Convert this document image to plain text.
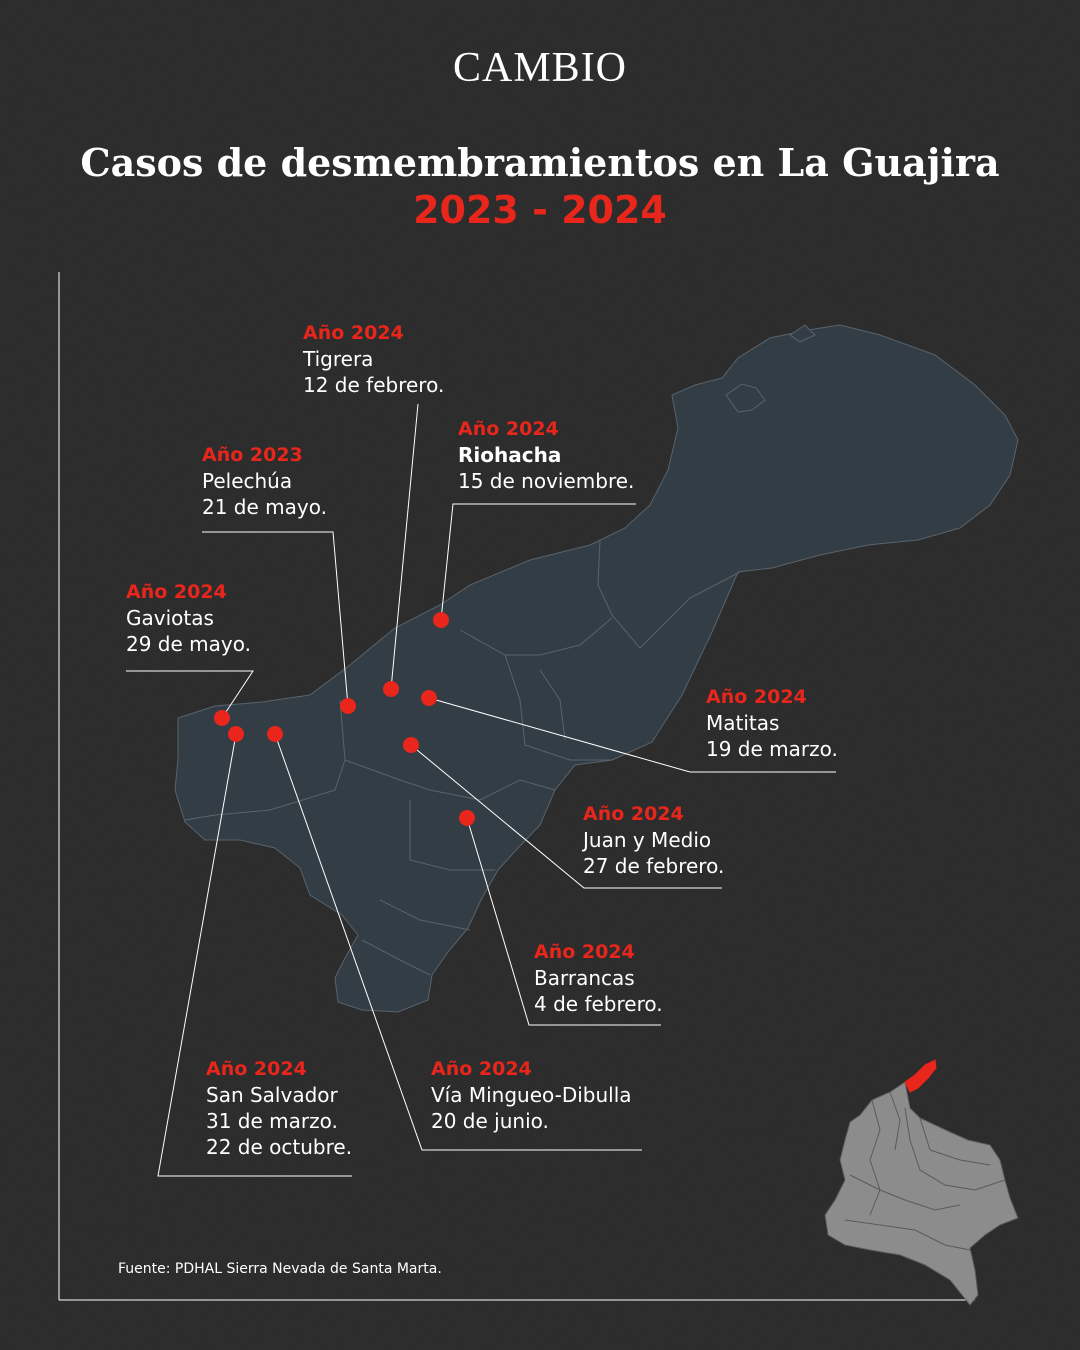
CAMBIO
Casos de desmembramientos en La Guajira
2023 - 2024
Año 2024
Tigrera
12 de febrero.
Año 2024
Riohacha
15 de noviembre.
Año 2023
Pelechúa
21 de mayo.
Año 2024
Gaviotas
29 de mayo.
Año 2024
Matitas
19 de marzo.
Año 2024
Juan y Medio
27 de febrero.
Año 2024
Barrancas
4 de febrero.
Año 2024
Vía Mingueo-Dibulla
20 de junio.
Año 2024
San Salvador
31 de marzo.
22 de octubre.
Fuente: PDHAL Sierra Nevada de Santa Marta.
